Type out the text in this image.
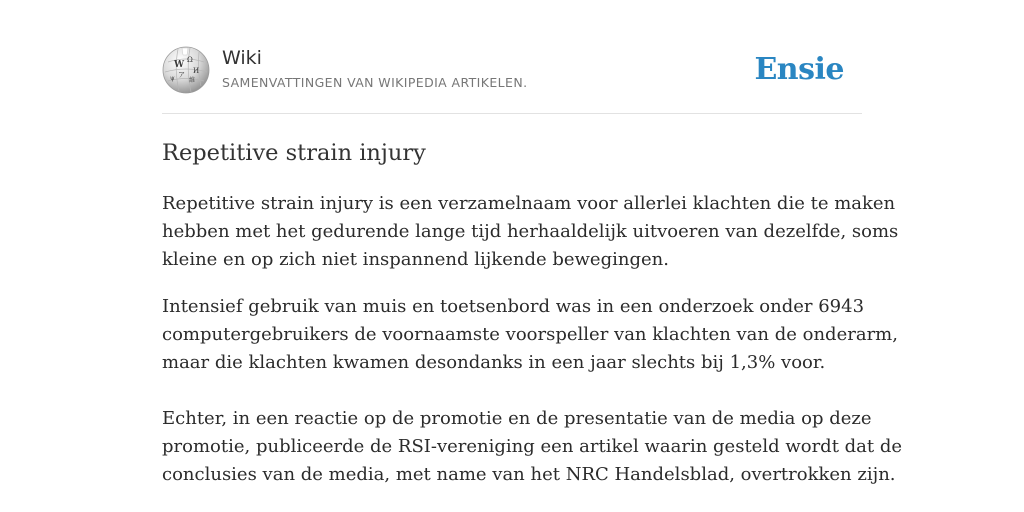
W Ω
И
ア
ψ 維
Wiki
SAMENVATTINGEN VAN WIKIPEDIA ARTIKELEN.	Ensie
Repetitive strain injury

Repetitive strain injury is een verzamelnaam voor allerlei klachten die te maken
hebben met het gedurende lange tijd herhaaldelijk uitvoeren van dezelfde, soms
kleine en op zich niet inspannend lijkende bewegingen.

Intensief gebruik van muis en toetsenbord was in een onderzoek onder 6943
computergebruikers de voornaamste voorspeller van klachten van de onderarm,
maar die klachten kwamen desondanks in een jaar slechts bij 1,3% voor.

Echter, in een reactie op de promotie en de presentatie van de media op deze
promotie, publiceerde de RSI-vereniging een artikel waarin gesteld wordt dat de
conclusies van de media, met name van het NRC Handelsblad, overtrokken zijn.
